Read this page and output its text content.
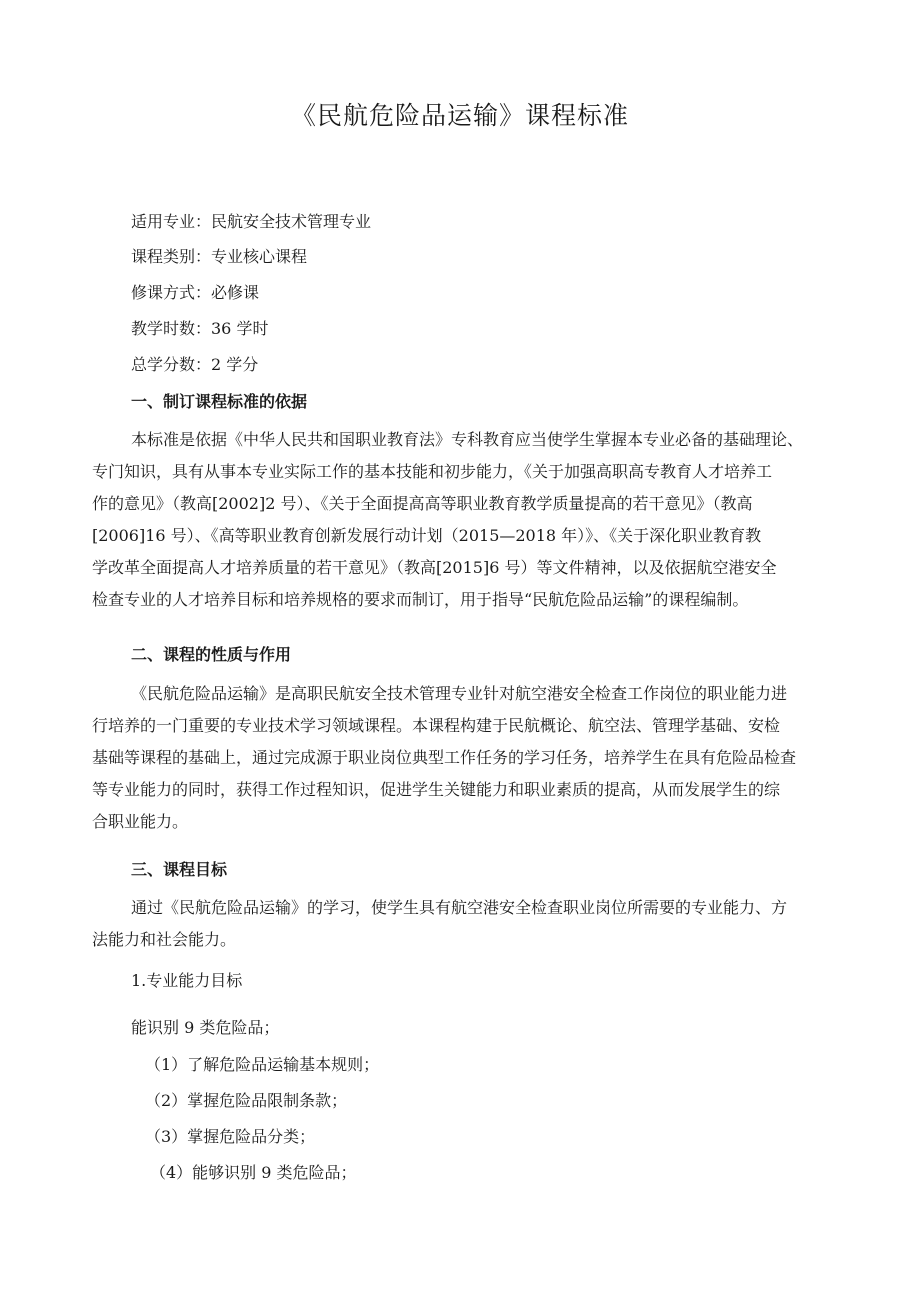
《民航危险品运输》课程标准
适用专业：民航安全技术管理专业
课程类别：专业核心课程
修课方式：必修课
教学时数：36 学时
总学分数：2 学分
一、制订课程标准的依据
本标准是依据《中华人民共和国职业教育法》专科教育应当使学生掌握本专业必备的基础理论、
专门知识，具有从事本专业实际工作的基本技能和初步能力，《关于加强高职高专教育人才培养工
作的意见》（教高[2002]2 号）、《关于全面提高高等职业教育教学质量提高的若干意见》（教高
[2006]16 号）、《高等职业教育创新发展行动计划（2015—2018 年）》、《关于深化职业教育教
学改革全面提高人才培养质量的若干意见》（教高[2015]6 号）等文件精神，以及依据航空港安全
检查专业的人才培养目标和培养规格的要求而制订，用于指导“民航危险品运输”的课程编制。
二、课程的性质与作用
《民航危险品运输》是高职民航安全技术管理专业针对航空港安全检查工作岗位的职业能力进
行培养的一门重要的专业技术学习领域课程。本课程构建于民航概论、航空法、管理学基础、安检
基础等课程的基础上，通过完成源于职业岗位典型工作任务的学习任务，培养学生在具有危险品检查
等专业能力的同时，获得工作过程知识，促进学生关键能力和职业素质的提高，从而发展学生的综
合职业能力。
三、课程目标
通过《民航危险品运输》的学习，使学生具有航空港安全检查职业岗位所需要的专业能力、方
法能力和社会能力。
1.专业能力目标
能识别 9 类危险品；
（1）了解危险品运输基本规则；
（2）掌握危险品限制条款；
（3）掌握危险品分类；
（4）能够识别 9 类危险品；
